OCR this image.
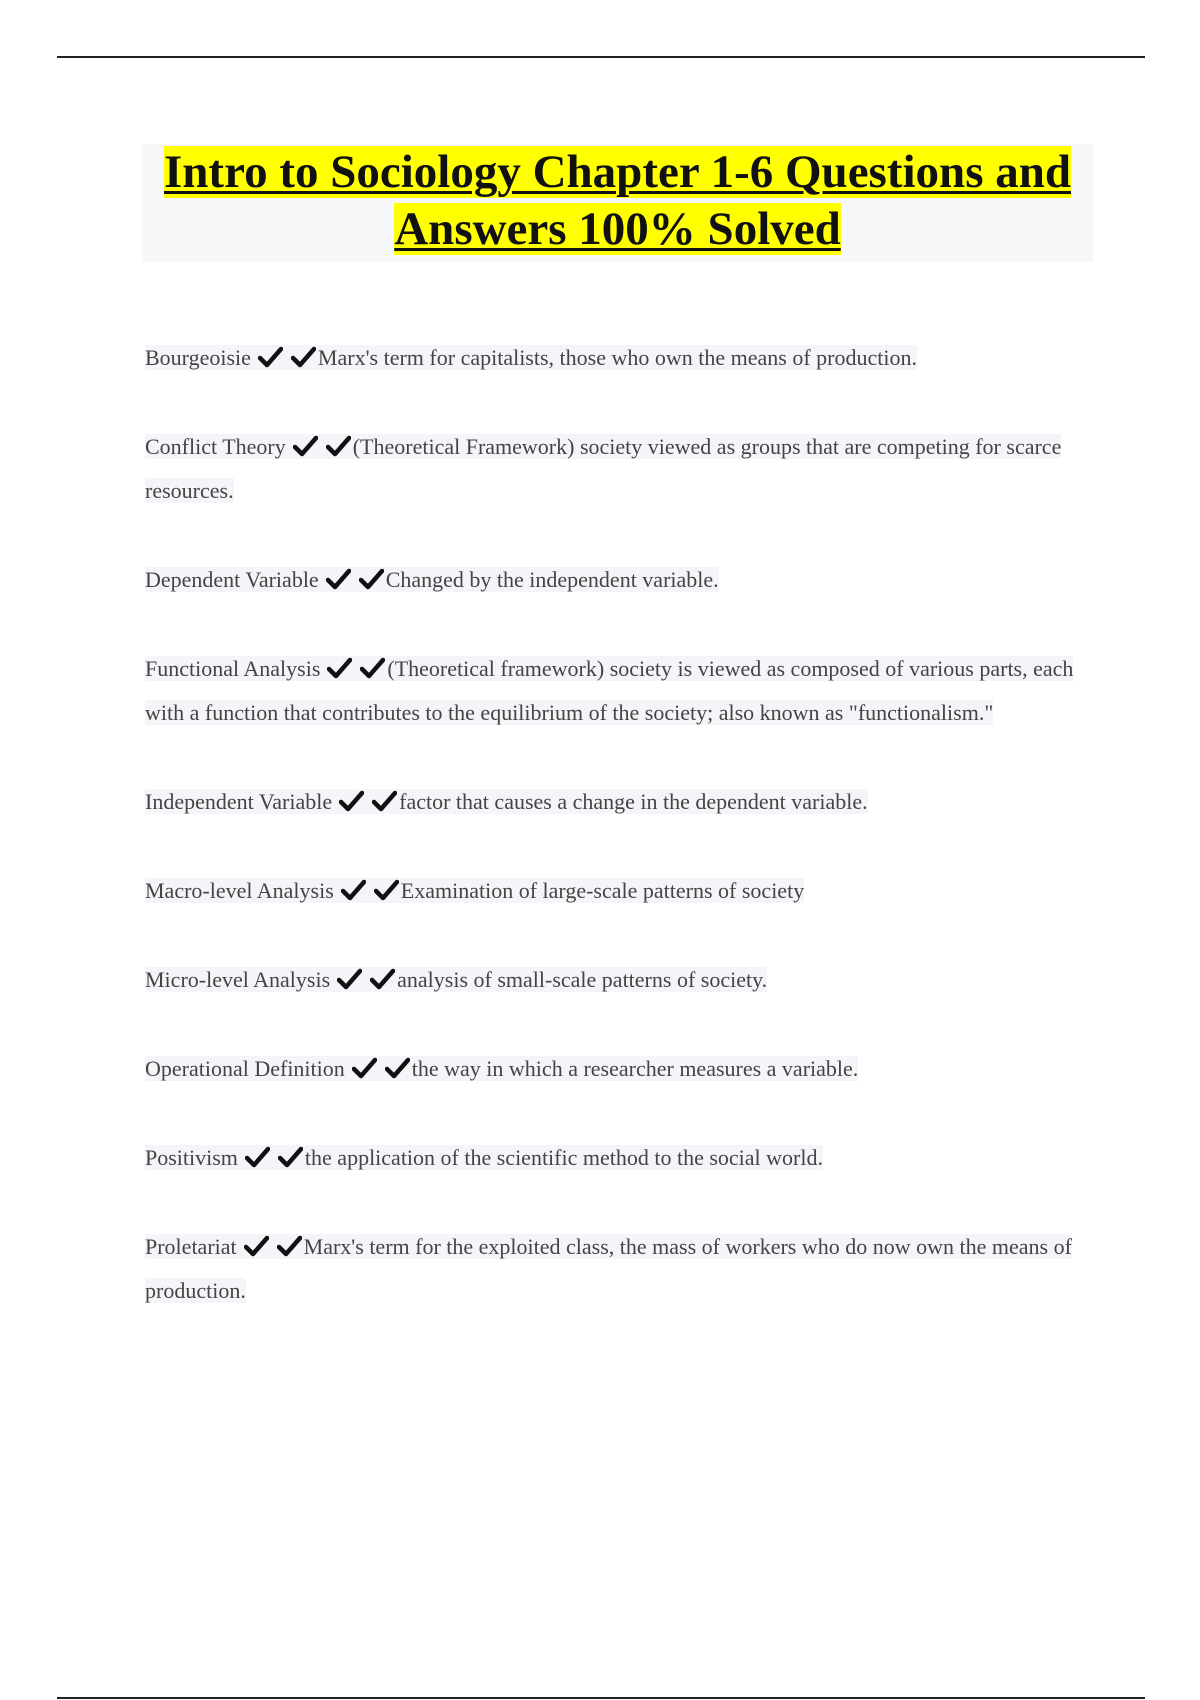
Intro to Sociology Chapter 1-6 Questions and Answers 100% Solved

Bourgeoisie	Marx's term for capitalists, those who own the means of production.

Conflict Theory	(Theoretical Framework) society viewed as groups that are competing for scarce resources.

Dependent Variable	Changed by the independent variable.

Functional Analysis	(Theoretical framework) society is viewed as composed of various parts, each with a function that contributes to the equilibrium of the society; also known as "functionalism."

Independent Variable	factor that causes a change in the dependent variable.

Macro-level Analysis	Examination of large-scale patterns of society

Micro-level Analysis	analysis of small-scale patterns of society.

Operational Definition	the way in which a researcher measures a variable.

Positivism	the application of the scientific method to the social world.

Proletariat	Marx's term for the exploited class, the mass of workers who do now own the means of production.
